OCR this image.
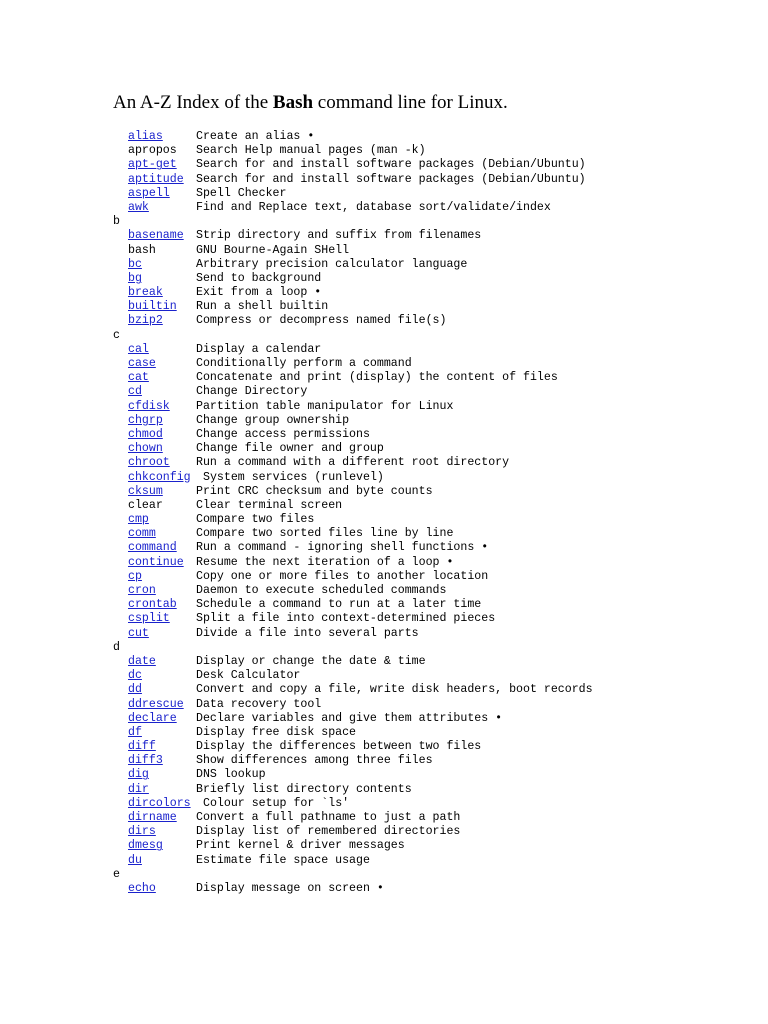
An A-Z Index of the Bash command line for Linux.
alias	Create an alias •
apropos Search Help manual pages (man -k)
apt-get Search for and install software packages (Debian/Ubuntu)
aptitude Search for and install software packages (Debian/Ubuntu)
aspell Spell Checker
awk	Find and Replace text, database sort/validate/index
b
basename Strip directory and suffix from filenames
bash	GNU Bourne-Again SHell
bc	Arbitrary precision calculator language
bg	Send to background
break	Exit from a loop •
builtin Run a shell builtin
bzip2	Compress or decompress named file(s)
c
cal	Display a calendar
case	Conditionally perform a command
cat	Concatenate and print (display) the content of files
cd	Change Directory
cfdisk Partition table manipulator for Linux
chgrp	Change group ownership
chmod	Change access permissions
chown	Change file owner and group
chroot Run a command with a different root directory
chkconfig System services (runlevel)
cksum	Print CRC checksum and byte counts
clear	Clear terminal screen
cmp	Compare two files
comm	Compare two sorted files line by line
command Run a command - ignoring shell functions •
continue Resume the next iteration of a loop •
cp	Copy one or more files to another location
cron	Daemon to execute scheduled commands
crontab Schedule a command to run at a later time
csplit Split a file into context-determined pieces
cut	Divide a file into several parts
d
date	Display or change the date & time
dc	Desk Calculator
dd	Convert and copy a file, write disk headers, boot records
ddrescue Data recovery tool
declare Declare variables and give them attributes •
df	Display free disk space
diff	Display the differences between two files
diff3	Show differences among three files
dig	DNS lookup
dir	Briefly list directory contents
dircolors Colour setup for `ls'
dirname Convert a full pathname to just a path
dirs	Display list of remembered directories
dmesg	Print kernel & driver messages
du	Estimate file space usage
e
echo	Display message on screen •
